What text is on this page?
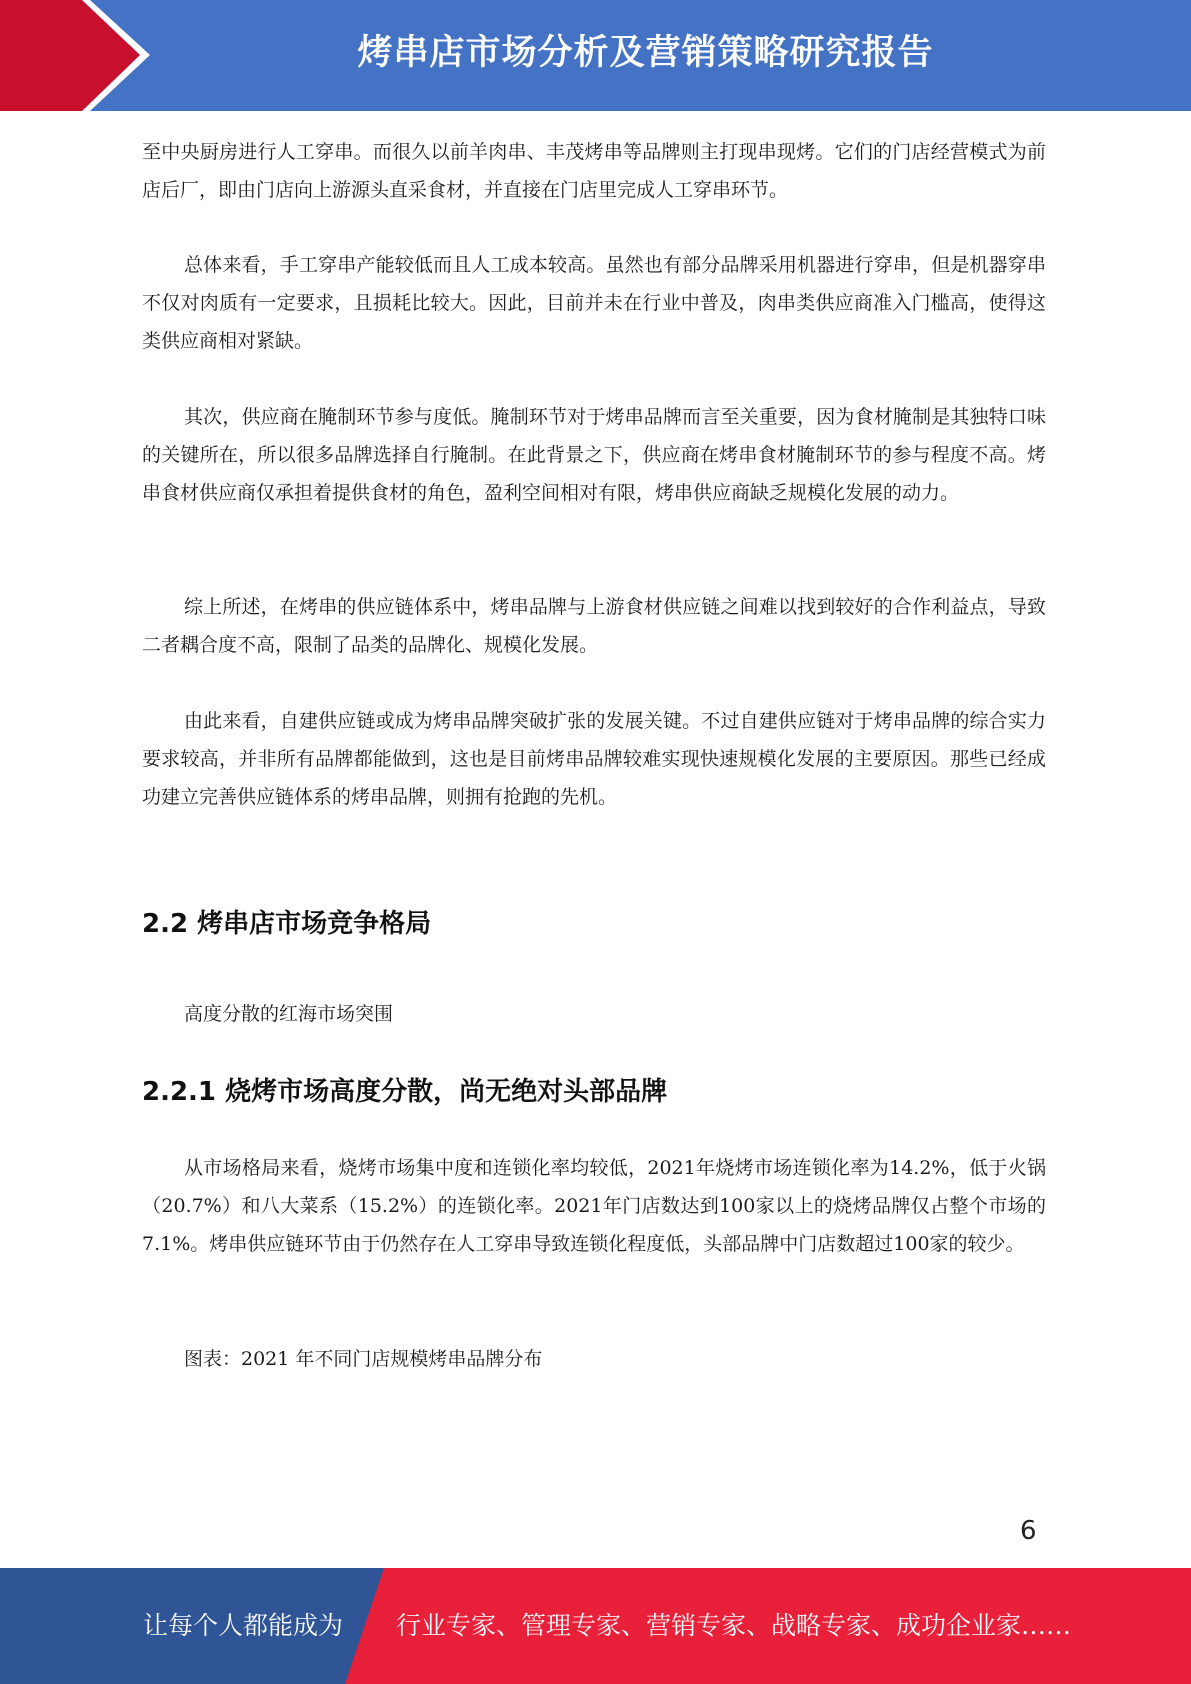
烤串店市场分析及营销策略研究报告

至中央厨房进行人工穿串。而很久以前羊肉串、丰茂烤串等品牌则主打现串现烤。它们的门店经营模式为前店后厂，即由门店向上游源头直采食材，并直接在门店里完成人工穿串环节。

总体来看，手工穿串产能较低而且人工成本较高。虽然也有部分品牌采用机器进行穿串，但是机器穿串不仅对肉质有一定要求，且损耗比较大。因此，目前并未在行业中普及，肉串类供应商准入门槛高，使得这类供应商相对紧缺。

其次，供应商在腌制环节参与度低。腌制环节对于烤串品牌而言至关重要，因为食材腌制是其独特口味的关键所在，所以很多品牌选择自行腌制。在此背景之下，供应商在烤串食材腌制环节的参与程度不高。烤串食材供应商仅承担着提供食材的角色，盈利空间相对有限，烤串供应商缺乏规模化发展的动力。

综上所述，在烤串的供应链体系中，烤串品牌与上游食材供应链之间难以找到较好的合作利益点，导致二者耦合度不高，限制了品类的品牌化、规模化发展。

由此来看，自建供应链或成为烤串品牌突破扩张的发展关键。不过自建供应链对于烤串品牌的综合实力要求较高，并非所有品牌都能做到，这也是目前烤串品牌较难实现快速规模化发展的主要原因。那些已经成功建立完善供应链体系的烤串品牌，则拥有抢跑的先机。

2.2 烤串店市场竞争格局

高度分散的红海市场突围

2.2.1 烧烤市场高度分散，尚无绝对头部品牌

从市场格局来看，烧烤市场集中度和连锁化率均较低，2021年烧烤市场连锁化率为14.2%，低于火锅（20.7%）和八大菜系（15.2%）的连锁化率。2021年门店数达到100家以上的烧烤品牌仅占整个市场的7.1%。烤串供应链环节由于仍然存在人工穿串导致连锁化程度低，头部品牌中门店数超过100家的较少。

图表：2021 年不同门店规模烤串品牌分布

6
让每个人都能成为 行业专家、管理专家、营销专家、战略专家、成功企业家……
